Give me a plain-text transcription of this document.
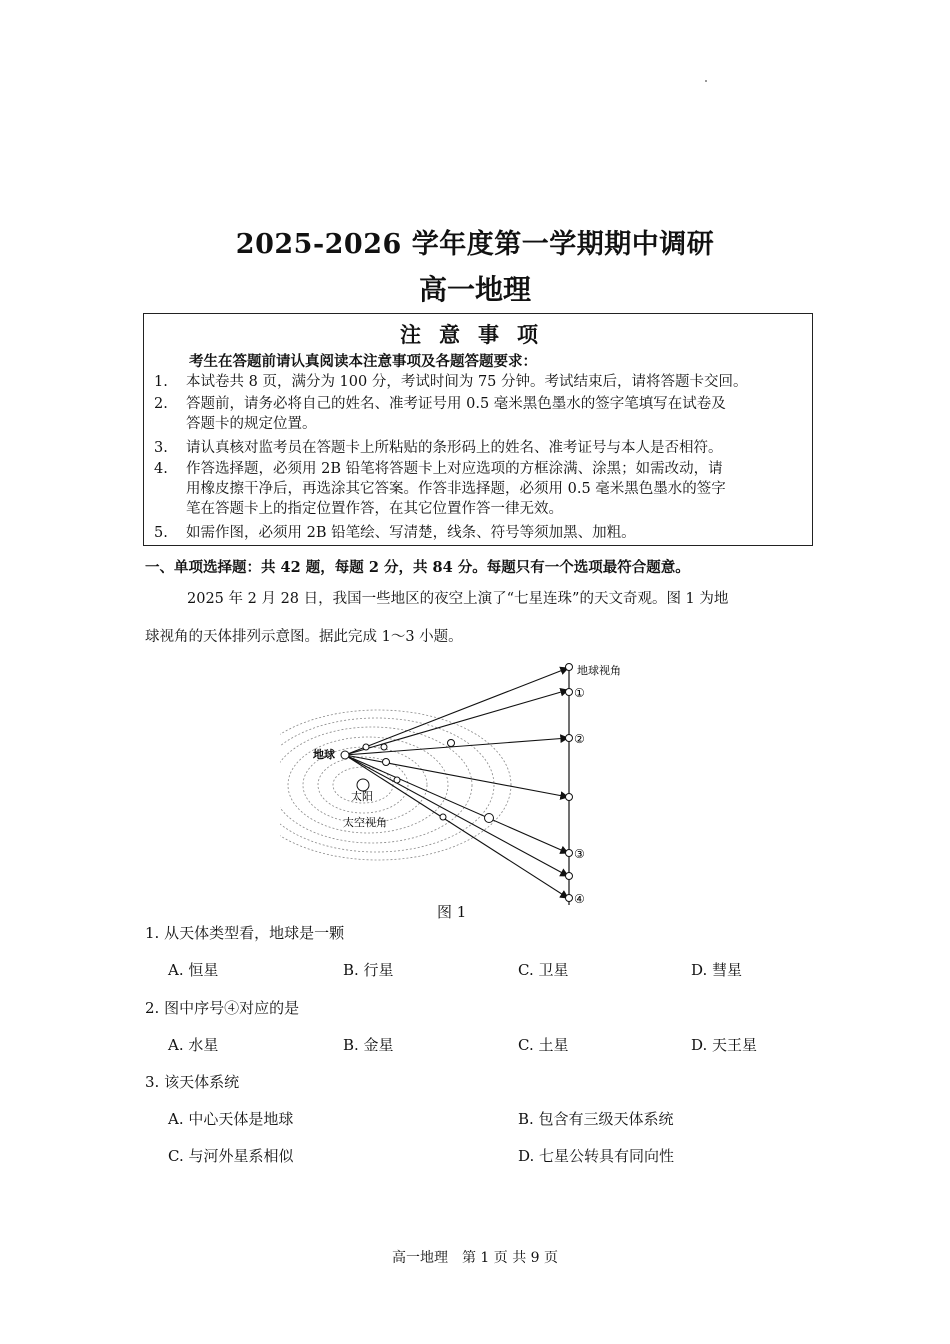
2025-2026 学年度第一学期期中调研
高一地理
注意事项
考生在答题前请认真阅读本注意事项及各题答题要求：
1.	本试卷共 8 页，满分为 100 分，考试时间为 75 分钟。考试结束后，请将答题卡交回。
2.	答题前，请务必将自己的姓名、准考证号用 0.5 毫米黑色墨水的签字笔填写在试卷及
答题卡的规定位置。
3.	请认真核对监考员在答题卡上所粘贴的条形码上的姓名、准考证号与本人是否相符。
4.	作答选择题，必须用 2B 铅笔将答题卡上对应选项的方框涂满、涂黑；如需改动，请
用橡皮擦干净后，再选涂其它答案。作答非选择题，必须用 0.5 毫米黑色墨水的签字
笔在答题卡上的指定位置作答，在其它位置作答一律无效。
5.	如需作图，必须用 2B 铅笔绘、写清楚，线条、符号等须加黑、加粗。
一、单项选择题：共 42 题，每题 2 分，共 84 分。每题只有一个选项最符合题意。
2025 年 2 月 28 日，我国一些地区的夜空上演了“七星连珠”的天文奇观。图 1 为地
球视角的天体排列示意图。据此完成 1～3 小题。
地球
太阳
太空视角
地球视角
①
②
③
④
图 1
1. 从天体类型看，地球是一颗
A. 恒星	B. 行星	C. 卫星	D. 彗星
2. 图中序号④对应的是
A. 水星	B. 金星	C. 土星	D. 天王星
3. 该天体系统
A. 中心天体是地球	B. 包含有三级天体系统
C. 与河外星系相似	D. 七星公转具有同向性
高一地理　第 1 页 共 9 页
